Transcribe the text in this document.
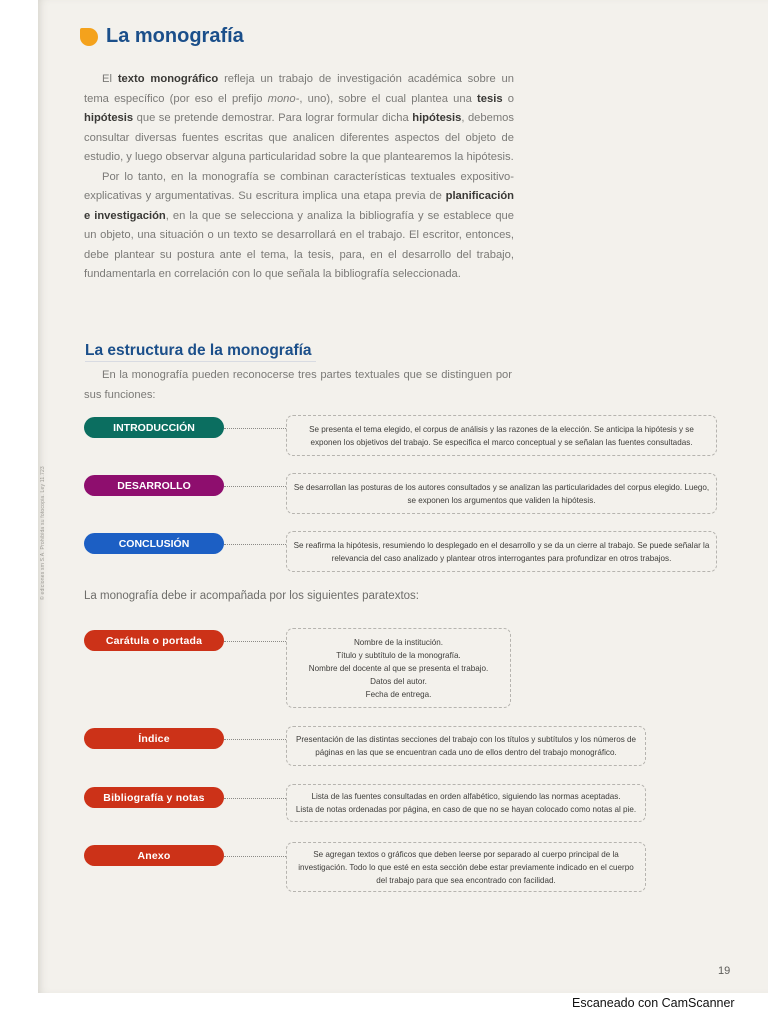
© ediciones sm S.A. Prohibida su fotocopia. Ley 11.723
La monografía

El texto monográfico refleja un trabajo de investigación académica sobre un tema específico (por eso el prefijo mono-, uno), sobre el cual plantea una tesis o hipótesis que se pretende demostrar. Para lograr formular dicha hipótesis, debemos consultar diversas fuentes escritas que analicen diferentes aspectos del objeto de estudio, y luego observar alguna particularidad sobre la que plantearemos la hipótesis.

Por lo tanto, en la monografía se combinan características textuales expositivo-explicativas y argumentativas. Su escritura implica una etapa previa de planificación e investigación, en la que se selecciona y analiza la bibliografía y se establece que un objeto, una situación o un texto se desarrollará en el trabajo. El escritor, entonces, debe plantear su postura ante el tema, la tesis, para, en el desarrollo del trabajo, fundamentarla en correlación con lo que señala la bibliografía seleccionada.

La estructura de la monografía

En la monografía pueden reconocerse tres partes textuales que se distinguen por sus funciones:

INTRODUCCIÓN	Se presenta el tema elegido, el corpus de análisis y las razones de la elección. Se anticipa la hipótesis y se exponen los objetivos del trabajo. Se especifica el marco conceptual y se señalan las fuentes consultadas.
DESARROLLO	Se desarrollan las posturas de los autores consultados y se analizan las particularidades del corpus elegido. Luego, se exponen los argumentos que validen la hipótesis.
CONCLUSIÓN	Se reafirma la hipótesis, resumiendo lo desplegado en el desarrollo y se da un cierre al trabajo. Se puede señalar la relevancia del caso analizado y plantear otros interrogantes para profundizar en otros trabajos.
La monografía debe ir acompañada por los siguientes paratextos:
Carátula o portada	Nombre de la institución.
Título y subtítulo de la monografía.
Nombre del docente al que se presenta el trabajo.
Datos del autor.
Fecha de entrega.
Índice	Presentación de las distintas secciones del trabajo con los títulos y subtítulos y los números de páginas en las que se encuentran cada uno de ellos dentro del trabajo monográfico.
Bibliografía y notas	Lista de las fuentes consultadas en orden alfabético, siguiendo las normas aceptadas.
Lista de notas ordenadas por página, en caso de que no se hayan colocado como notas al pie.
Anexo	Se agregan textos o gráficos que deben leerse por separado al cuerpo principal de la investigación. Todo lo que esté en esta sección debe estar previamente indicado en el cuerpo del trabajo para que sea encontrado con facilidad.
19
Escaneado con CamScanner
